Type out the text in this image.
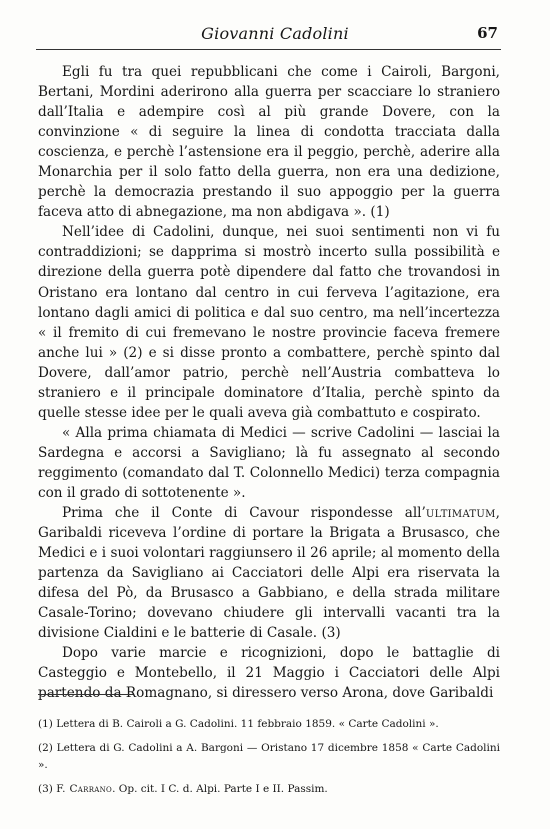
Giovanni Cadolini	67

Egli fu tra quei repubblicani che come i Cairoli, Bargoni, Bertani, Mordini aderirono alla guerra per scacciare lo straniero dall’Italia e adempire così al più grande Dovere, con la convinzione « di seguire la linea di condotta tracciata dalla coscienza, e perchè l’astensione era il peggio, perchè, aderire alla Monarchia per il solo fatto della guerra, non era una dedizione, perchè la democrazia prestando il suo appoggio per la guerra faceva atto di abnegazione, ma non abdigava ». (1)

Nell’idee di Cadolini, dunque, nei suoi sentimenti non vi fu contraddizioni; se dapprima si mostrò incerto sulla possibilità e direzione della guerra potè dipendere dal fatto che trovandosi in Oristano era lontano dal centro in cui ferveva l’agitazione, era lontano dagli amici di politica e dal suo centro, ma nell’incertezza « il fremito di cui fremevano le nostre provincie faceva fremere anche lui » (2) e si disse pronto a combattere, perchè spinto dal Dovere, dall’amor patrio, perchè nell’Austria combatteva lo straniero e il principale dominatore d’Italia, perchè spinto da quelle stesse idee per le quali aveva già combattuto e cospirato.

« Alla prima chiamata di Medici — scrive Cadolini — lasciai la Sardegna e accorsi a Savigliano; là fu assegnato al secondo reggimento (comandato dal T. Colonnello Medici) terza compagnia con il grado di sottotenente ».

Prima che il Conte di Cavour rispondesse all’ultimatum, Garibaldi riceveva l’ordine di portare la Brigata a Brusasco, che Medici e i suoi volontari raggiunsero il 26 aprile; al momento della partenza da Savigliano ai Cacciatori delle Alpi era riservata la difesa del Pò, da Brusasco a Gabbiano, e della strada militare Casale-Torino; dovevano chiudere gli intervalli vacanti tra la divisione Cialdini e le batterie di Casale. (3)

Dopo varie marcie e ricognizioni, dopo le battaglie di Casteggio e Montebello, il 21 Maggio i Cacciatori delle Alpi partendo da Romagnano, si diressero verso Arona, dove Garibaldi

(1) Lettera di B. Cairoli a G. Cadolini. 11 febbraio 1859. « Carte Cadolini ».

(2) Lettera di G. Cadolini a A. Bargoni — Oristano 17 dicembre 1858 « Carte Cadolini ».

(3) F. Carrano. Op. cit. I C. d. Alpi. Parte I e II. Passim.
